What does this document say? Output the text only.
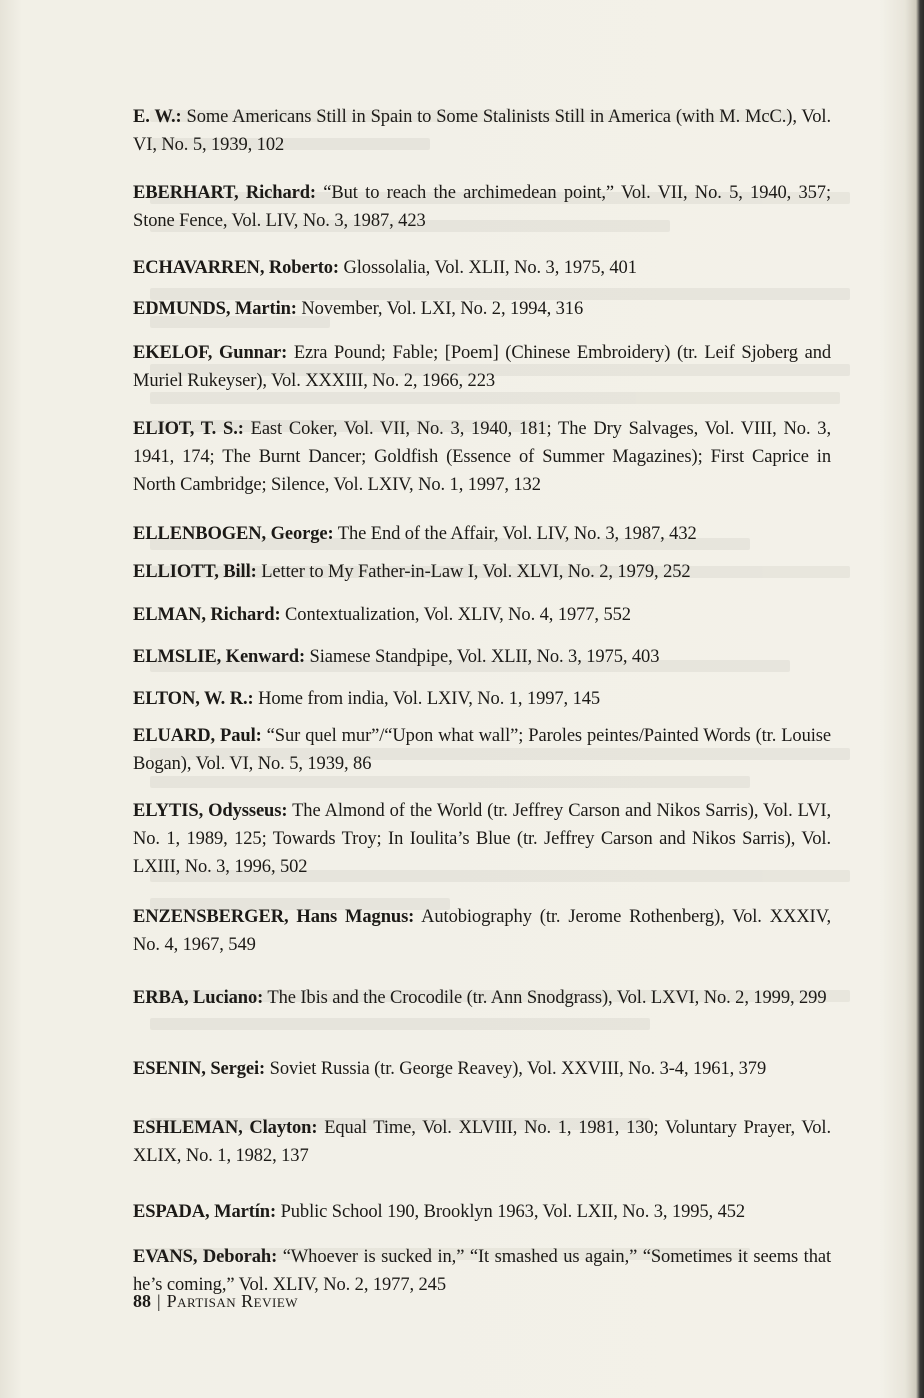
E. W.: Some Americans Still in Spain to Some Stalinists Still in America (with M. McC.), Vol. VI, No. 5, 1939, 102

EBERHART, Richard: “But to reach the archimedean point,” Vol. VII, No. 5, 1940, 357; Stone Fence, Vol. LIV, No. 3, 1987, 423

ECHAVARREN, Roberto: Glossolalia, Vol. XLII, No. 3, 1975, 401

EDMUNDS, Martin: November, Vol. LXI, No. 2, 1994, 316

EKELOF, Gunnar: Ezra Pound; Fable; [Poem] (Chinese Embroidery) (tr. Leif Sjoberg and Muriel Rukeyser), Vol. XXXIII, No. 2, 1966, 223

ELIOT, T. S.: East Coker, Vol. VII, No. 3, 1940, 181; The Dry Salvages, Vol. VIII, No. 3, 1941, 174; The Burnt Dancer; Goldfish (Essence of Summer Magazines); First Caprice in North Cambridge; Silence, Vol. LXIV, No. 1, 1997, 132

ELLENBOGEN, George: The End of the Affair, Vol. LIV, No. 3, 1987, 432

ELLIOTT, Bill: Letter to My Father-in-Law I, Vol. XLVI, No. 2, 1979, 252

ELMAN, Richard: Contextualization, Vol. XLIV, No. 4, 1977, 552

ELMSLIE, Kenward: Siamese Standpipe, Vol. XLII, No. 3, 1975, 403

ELTON, W. R.: Home from india, Vol. LXIV, No. 1, 1997, 145

ELUARD, Paul: “Sur quel mur”/“Upon what wall”; Paroles peintes/Painted Words (tr. Louise Bogan), Vol. VI, No. 5, 1939, 86

ELYTIS, Odysseus: The Almond of the World (tr. Jeffrey Carson and Nikos Sarris), Vol. LVI, No. 1, 1989, 125; Towards Troy; In Ioulita’s Blue (tr. Jeffrey Carson and Nikos Sarris), Vol. LXIII, No. 3, 1996, 502

ENZENSBERGER, Hans Magnus: Autobiography (tr. Jerome Rothenberg), Vol. XXXIV, No. 4, 1967, 549

ERBA, Luciano: The Ibis and the Crocodile (tr. Ann Snodgrass), Vol. LXVI, No. 2, 1999, 299

ESENIN, Sergei: Soviet Russia (tr. George Reavey), Vol. XXVIII, No. 3-4, 1961, 379

ESHLEMAN, Clayton: Equal Time, Vol. XLVIII, No. 1, 1981, 130; Voluntary Prayer, Vol. XLIX, No. 1, 1982, 137

ESPADA, Martín: Public School 190, Brooklyn 1963, Vol. LXII, No. 3, 1995, 452

EVANS, Deborah: “Whoever is sucked in,” “It smashed us again,” “Sometimes it seems that he’s coming,” Vol. XLIV, No. 2, 1977, 245

88 | Partisan Review
